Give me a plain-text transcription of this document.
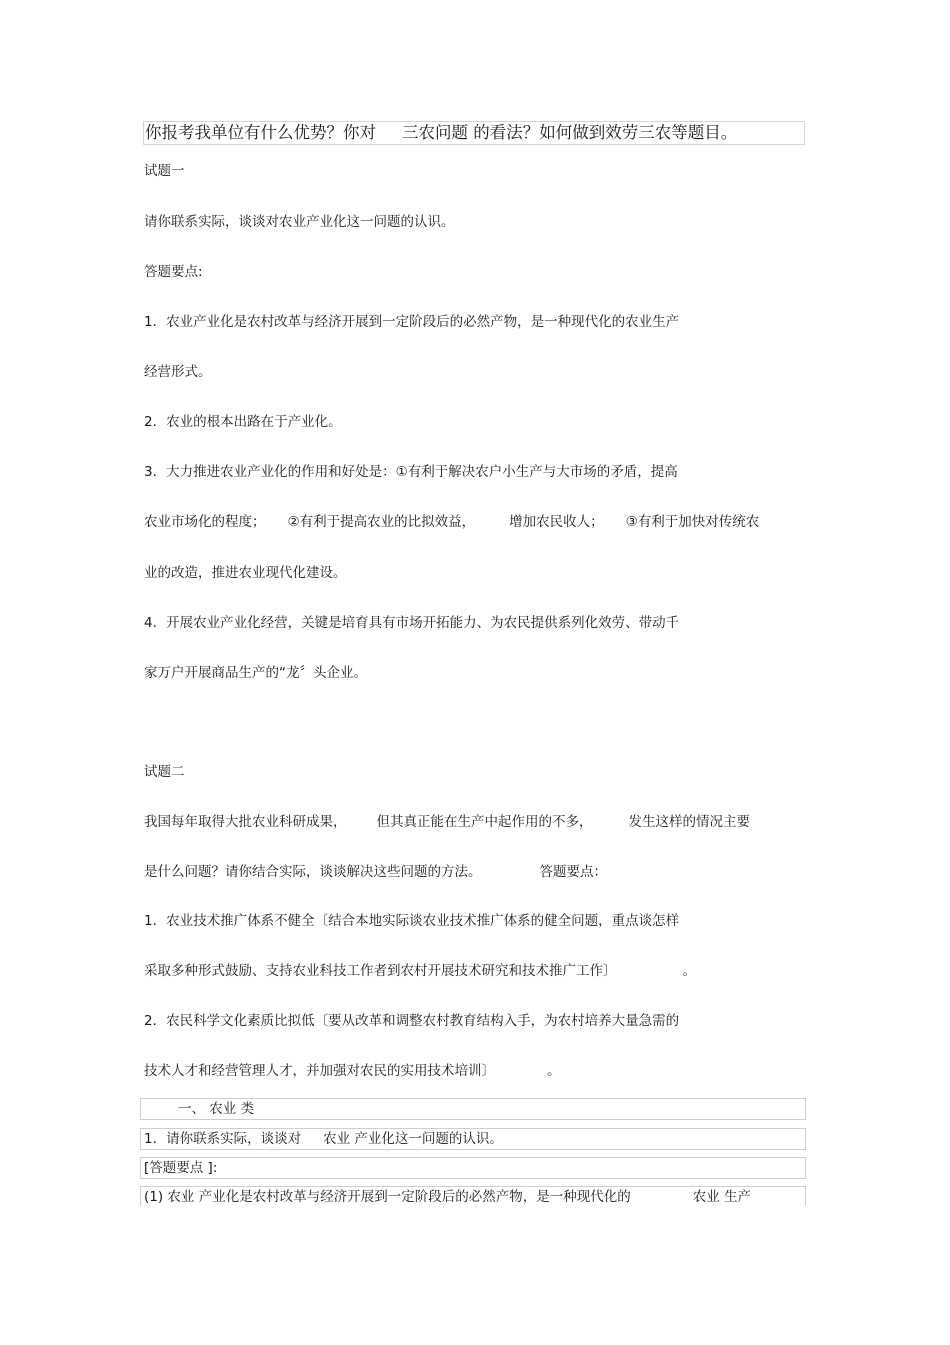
你报考我单位有什么优势？你对 三农问题 的看法？如何做到效劳三农等题目。
试题一
请你联系实际，谈谈对农业产业化这一问题的认识。
答题要点:
1．农业产业化是农村改革与经济开展到一定阶段后的必然产物，是一种现代化的农业生产
经营形式。
2．农业的根本出路在于产业化。
3．大力推进农业产业化的作用和好处是：①有利于解决农户小生产与大市场的矛盾，提高
农业市场化的程度； ②有利于提高农业的比拟效益，	增加农民收人； ③有利于加快对传统农
业的改造，推进农业现代化建设。
4．开展农业产业化经营，关键是培育具有市场开拓能力、为农民提供系列化效劳、带动千
家万户开展商品生产的“龙〞头企业。
试题二
我国每年取得大批农业科研成果， 但其真正能在生产中起作用的不多，	发生这样的情况主要
是什么问题？请你结合实际，谈谈解决这些问题的方法。	答题要点：
1．农业技术推广体系不健全〔结合本地实际谈农业技术推广体系的健全问题，重点谈怎样
采取多种形式鼓励、支持农业科技工作者到农村开展技术研究和技术推广工作〕	。
2．农民科学文化素质比拟低〔要从改革和调整农村教育结构入手，为农村培养大量急需的
技术人才和经营管理人才，并加强对农民的实用技术培训〕	。
一、 农业 类
1．请你联系实际，谈谈对 农业 产业化这一问题的认识。
[答题要点 ]:
(1) 农业 产业化是农村改革与经济开展到一定阶段后的必然产物，是一种现代化的	农业 生产
